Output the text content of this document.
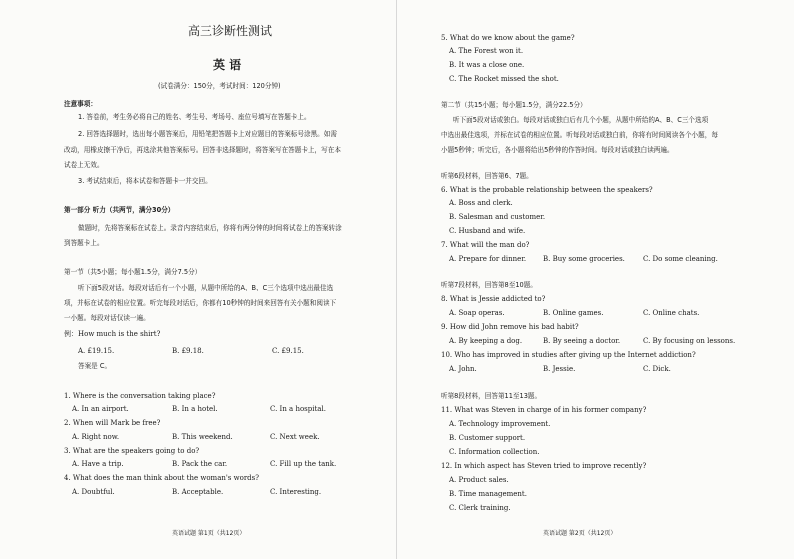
高三诊断性测试
英 语
(试卷满分：150分，考试时间：120分钟)
注意事项：
1. 答卷前，考生务必将自己的姓名、考生号、考场号、座位号填写在答题卡上。
2. 回答选择题时，选出每小题答案后，用铅笔把答题卡上对应题目的答案标号涂黑。如需
改动，用橡皮擦干净后，再选涂其他答案标号。回答非选择题时，将答案写在答题卡上，写在本
试卷上无效。
3. 考试结束后，将本试卷和答题卡一并交回。
第一部分 听力（共两节，满分30分）
做题时，先将答案标在试卷上。录音内容结束后，你将有两分钟的时间将试卷上的答案转涂
到答题卡上。
第一节（共5小题；每小题1.5分，满分7.5分）
听下面5段对话。每段对话后有一个小题，从题中所给的A、B、C三个选项中选出最佳选
项，并标在试卷的相应位置。听完每段对话后，你都有10秒钟的时间来回答有关小题和阅读下
一小题。每段对话仅读一遍。
例：How much is the shirt?
A. £19.15.	B. £9.18.	C. £9.15.
答案是 C。
1. Where is the conversation taking place?
A. In an airport.	B. In a hotel.	C. In a hospital.
2. When will Mark be free?
A. Right now.	B. This weekend.	C. Next week.
3. What are the speakers going to do?
A. Have a trip.	B. Pack the car.	C. Fill up the tank.
4. What does the man think about the woman's words?
A. Doubtful.	B. Acceptable.	C. Interesting.
英语试题 第1页（共12页）
5. What do we know about the game?
A. The Forest won it.
B. It was a close one.
C. The Rocket missed the shot.
第二节（共15小题；每小题1.5分，满分22.5分）
听下面5段对话或独白。每段对话或独白后有几个小题，从题中所给的A、B、C三个选项
中选出最佳选项，并标在试卷的相应位置。听每段对话或独白前，你将有时间阅读各个小题，每
小题5秒钟；听完后，各小题将给出5秒钟的作答时间。每段对话或独白读两遍。
听第6段材料，回答第6、7题。
6. What is the probable relationship between the speakers?
A. Boss and clerk.
B. Salesman and customer.
C. Husband and wife.
7. What will the man do?
A. Prepare for dinner. B. Buy some groceries.	C. Do some cleaning.
听第7段材料，回答第8至10题。
8. What is Jessie addicted to?
A. Soap operas.	B. Online games.	C. Online chats.
9. How did John remove his bad habit?
A. By keeping a dog.	B. By seeing a doctor.	C. By focusing on lessons.
10. Who has improved in studies after giving up the Internet addiction?
A. John.	B. Jessie.	C. Dick.
听第8段材料，回答第11至13题。
11. What was Steven in charge of in his former company?
A. Technology improvement.
B. Customer support.
C. Information collection.
12. In which aspect has Steven tried to improve recently?
A. Product sales.
B. Time management.
C. Clerk training.
英语试题 第2页（共12页）
